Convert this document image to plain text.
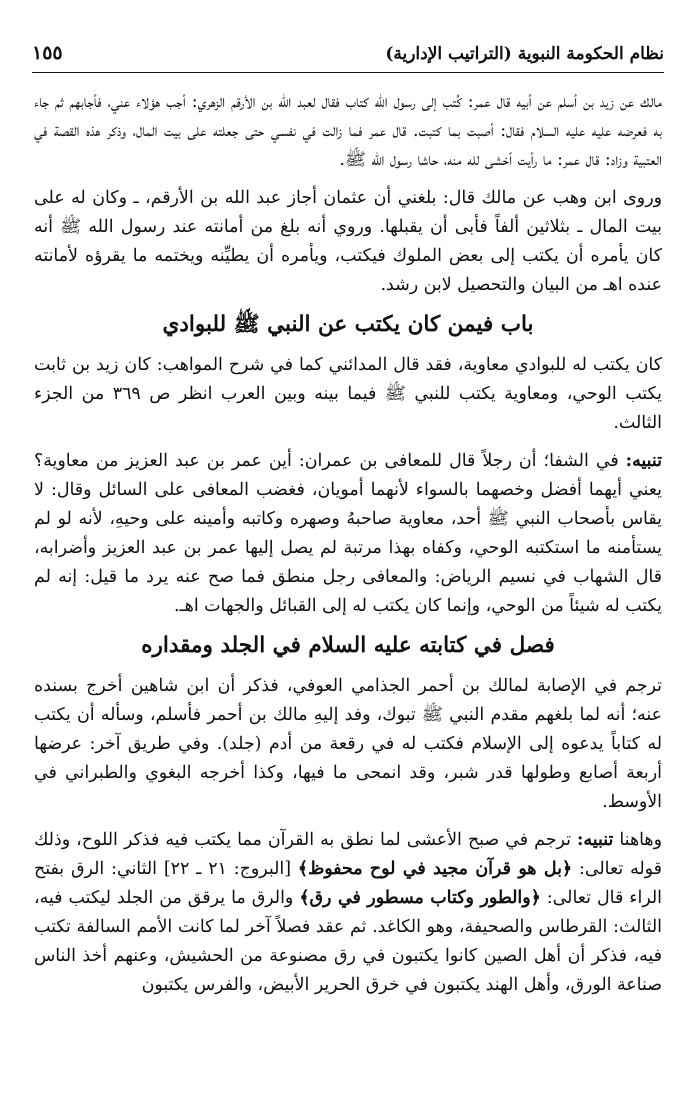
نظام الحكومة النبوية (التراتيب الإدارية)
١٥٥

مالك عن زيد بن أسلم عن أبيه قال عمر: كُتب إلى رسول الله كتاب فقال لعبد الله بن الأرقم الزهري: أجب هؤلاء عني، فأجابهم ثم جاء به فعرضه عليه عليه السلام فقال: أصبت بما كتبت. قال عمر فما زالت في نفسي حتى جعلته على بيت المال، وذكر هذه القصة في العتبية وزاد: قال عمر: ما رأيت أخشى لله منه، حاشا رسول الله ﷺ.

وروى ابن وهب عن مالك قال: بلغني أن عثمان أجاز عبد الله بن الأرقم، ـ وكان له على بيت المال ـ بثلاثين ألفاً فأبى أن يقبلها. وروي أنه بلغ من أمانته عند رسول الله ﷺ أنه كان يأمره أن يكتب إلى بعض الملوك فيكتب، ويأمره أن يطيِّنه ويختمه ما يقرؤه لأمانته عنده اهـ من البيان والتحصيل لابن رشد.

باب فيمن كان يكتب عن النبي ﷺ للبوادي

كان يكتب له للبوادي معاوية، فقد قال المدائني كما في شرح المواهب: كان زيد بن ثابت يكتب الوحي، ومعاوية يكتب للنبي ﷺ فيما بينه وبين العرب انظر ص ٣٦٩ من الجزء الثالث.

تنبيه: في الشفا؛ أن رجلاً قال للمعافى بن عمران: أين عمر بن عبد العزيز من معاوية؟ يعني أيهما أفضل وخصهما بالسواء لأنهما أمويان، فغضب المعافى على السائل وقال: لا يقاس بأصحاب النبي ﷺ أحد، معاوية صاحبهُ وصهره وكاتبه وأمينه على وحيهِ، لأنه لو لم يستأمنه ما استكتبه الوحي، وكفاه بهذا مرتبة لم يصل إليها عمر بن عبد العزيز وأضرابه، قال الشهاب في نسيم الرياض: والمعافى رجل منطق فما صح عنه يرد ما قيل: إنه لم يكتب له شيئاً من الوحي، وإنما كان يكتب له إلى القبائل والجهات اهـ.

فصل في كتابته عليه السلام في الجلد ومقداره

ترجم في الإصابة لمالك بن أحمر الجذامي العوفي، فذكر أن ابن شاهين أخرج بسنده عنه؛ أنه لما بلغهم مقدم النبي ﷺ تبوك، وفد إليهِ مالك بن أحمر فأسلم، وسأله أن يكتب له كتاباً يدعوه إلى الإسلام فكتب له في رقعة من أدم (جلد). وفي طريق آخر: عرضها أربعة أصابع وطولها قدر شبر، وقد انمحى ما فيها، وكذا أخرجه البغوي والطبراني في الأوسط.

وهاهنا تنبيه: ترجم في صبح الأعشى لما نطق به القرآن مما يكتب فيه فذكر اللوح، وذلك قوله تعالى: ﴿بل هو قرآن مجيد في لوح محفوظ﴾ [البروج: ٢١ ـ ٢٢] الثاني: الرق بفتح الراء قال تعالى: ﴿والطور وكتاب مسطور في رق﴾ والرق ما يرقق من الجلد ليكتب فيه، الثالث: القرطاس والصحيفة، وهو الكاغد. ثم عقد فصلاً آخر لما كانت الأمم السالفة تكتب فيه، فذكر أن أهل الصين كانوا يكتبون في رق مصنوعة من الحشيش، وعنهم أخذ الناس صناعة الورق، وأهل الهند يكتبون في خرق الحرير الأبيض، والفرس يكتبون
